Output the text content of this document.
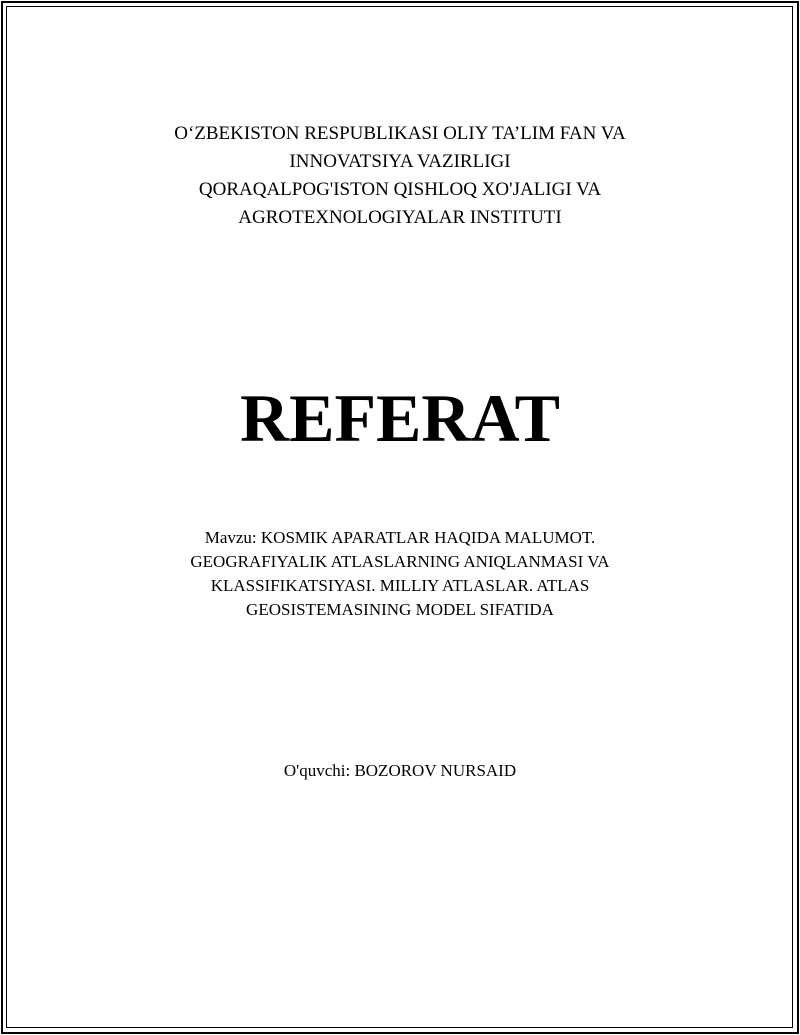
O‘ZBEKISTON RESPUBLIKASI OLIY TA’LIM FAN VA
INNOVATSIYA VAZIRLIGI
QORAQALPOG'ISTON QISHLOQ XO'JALIGI VA
AGROTEXNOLOGIYALAR INSTITUTI
REFERAT
Mavzu: KOSMIK APARATLAR HAQIDA MALUMOT.
GEOGRAFIYALIK ATLASLARNING ANIQLANMASI VA
KLASSIFIKATSIYASI. MILLIY ATLASLAR. ATLAS
GEOSISTEMASINING MODEL SIFATIDA
O'quvchi: BOZOROV NURSAID
